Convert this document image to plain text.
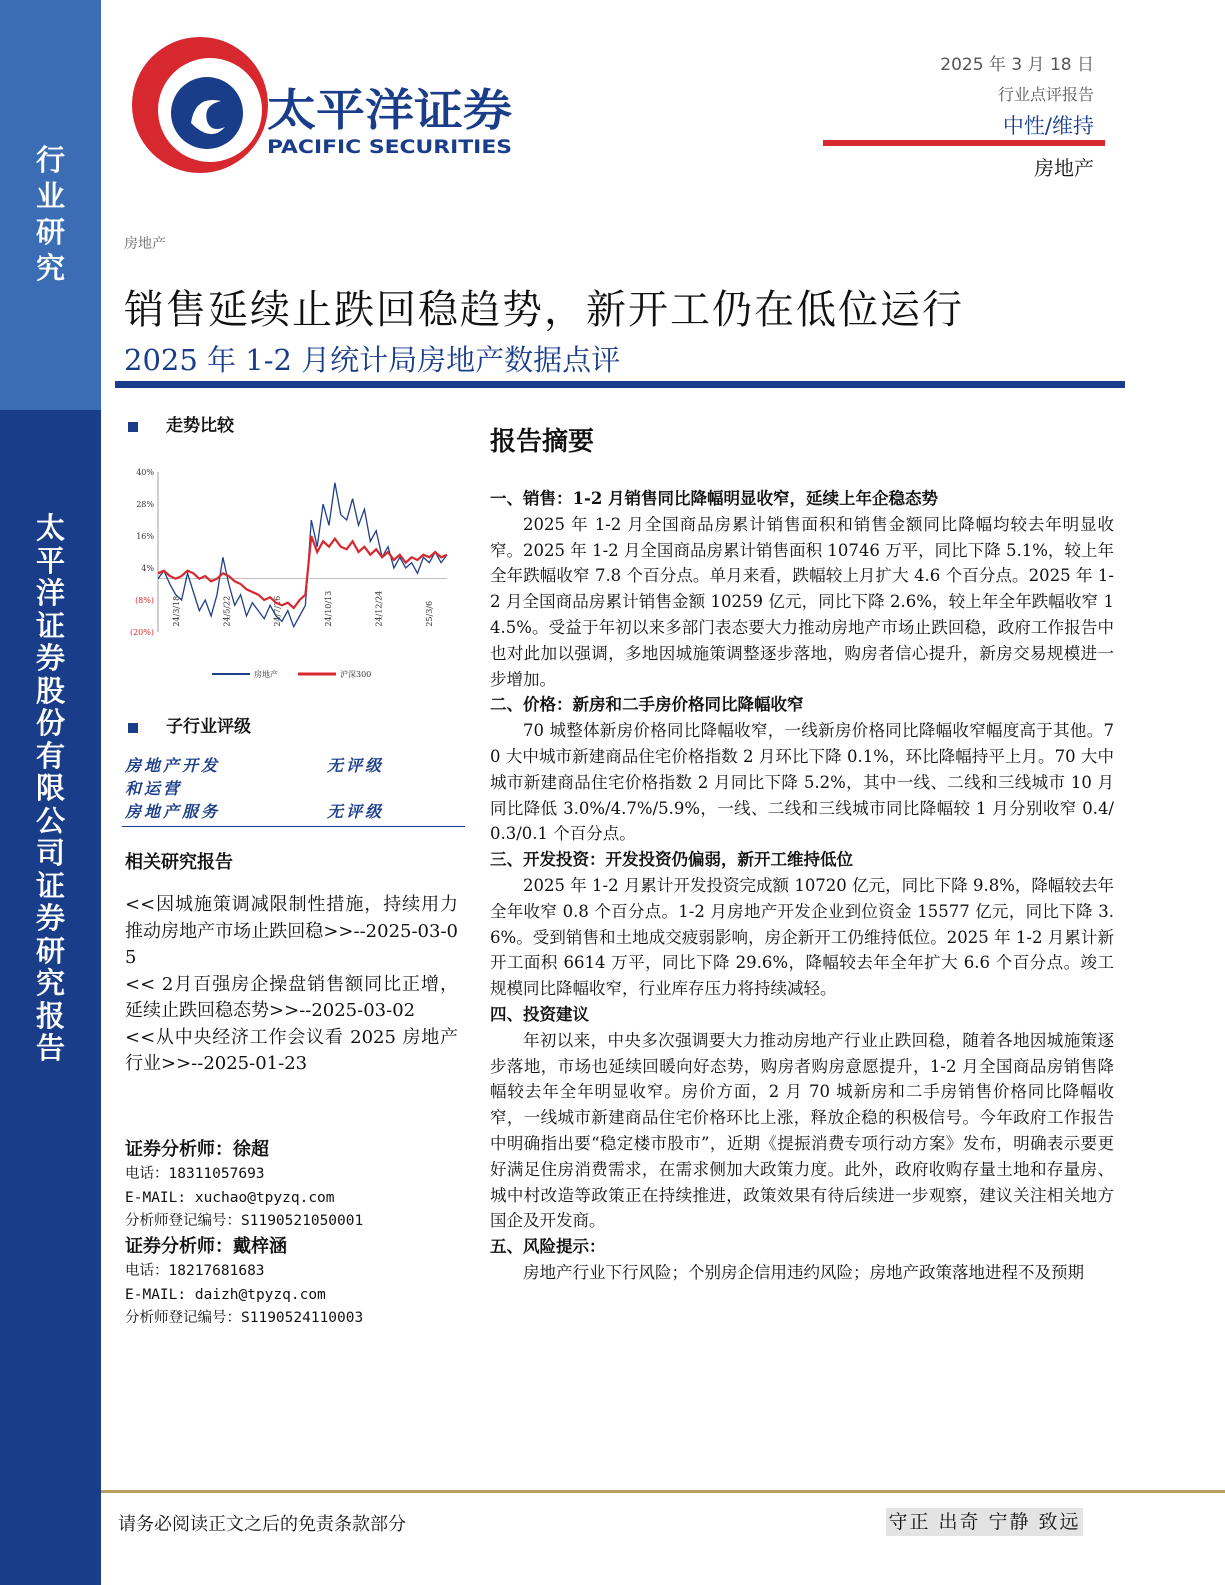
行
业
研
究
太
平
洋
证
券
股
份
有
限
公
司
证
券
研
究
报
告
太平洋证券
PACIFIC SECURITIES
2025 年 3 月 18 日
行业点评报告
中性/维持
房地产
房地产
销售延续止跌回稳趋势，新开工仍在低位运行
2025 年 1-2 月统计局房地产数据点评
走势比较
40%
28%
16%
4%
(8%)
(20%)
24/3/18	24/5/22	24/7/26	24/10/13	24/12/24	25/3/6
房地产	沪深300
子行业评级
房地产开发	无评级
和运营
房地产服务	无评级
相关研究报告

<<因城施策调减限制性措施，持续用力推动房地产市场止跌回稳>>--2025-03-05

<< 2月百强房企操盘销售额同比正增，延续止跌回稳态势>>--2025-03-02

<<从中央经济工作会议看 2025 房地产行业>>--2025-01-23

证券分析师：徐超
电话：18311057693
E-MAIL: xuchao@tpyzq.com
分析师登记编号：S1190521050001
证券分析师：戴梓涵
电话：18217681683
E-MAIL: daizh@tpyzq.com
分析师登记编号：S1190524110003
报告摘要
一、销售：1-2 月销售同比降幅明显收窄，延续上年企稳态势

2025 年 1-2 月全国商品房累计销售面积和销售金额同比降幅均较去年明显收窄。2025 年 1-2 月全国商品房累计销售面积 10746 万平，同比下降 5.1%，较上年全年跌幅收窄 7.8 个百分点。单月来看，跌幅较上月扩大 4.6 个百分点。2025 年 1-2 月全国商品房累计销售金额 10259 亿元，同比下降 2.6%，较上年全年跌幅收窄 14.5%。受益于年初以来多部门表态要大力推动房地产市场止跌回稳，政府工作报告中也对此加以强调，多地因城施策调整逐步落地，购房者信心提升，新房交易规模进一步增加。

二、价格：新房和二手房价格同比降幅收窄

70 城整体新房价格同比降幅收窄，一线新房价格同比降幅收窄幅度高于其他。70 大中城市新建商品住宅价格指数 2 月环比下降 0.1%，环比降幅持平上月。70 大中城市新建商品住宅价格指数 2 月同比下降 5.2%，其中一线、二线和三线城市 10 月同比降低 3.0%/4.7%/5.9%，一线、二线和三线城市同比降幅较 1 月分别收窄 0.4/0.3/0.1 个百分点。

三、开发投资：开发投资仍偏弱，新开工维持低位

2025 年 1-2 月累计开发投资完成额 10720 亿元，同比下降 9.8%，降幅较去年全年收窄 0.8 个百分点。1-2 月房地产开发企业到位资金 15577 亿元，同比下降 3.6%。受到销售和土地成交疲弱影响，房企新开工仍维持低位。2025 年 1-2 月累计新开工面积 6614 万平，同比下降 29.6%，降幅较去年全年扩大 6.6 个百分点。竣工规模同比降幅收窄，行业库存压力将持续减轻。

四、投资建议

年初以来，中央多次强调要大力推动房地产行业止跌回稳，随着各地因城施策逐步落地，市场也延续回暖向好态势，购房者购房意愿提升，1-2 月全国商品房销售降幅较去年全年明显收窄。房价方面，2 月 70 城新房和二手房销售价格同比降幅收窄，一线城市新建商品住宅价格环比上涨，释放企稳的积极信号。今年政府工作报告中明确指出要“稳定楼市股市”，近期《提振消费专项行动方案》发布，明确表示要更好满足住房消费需求，在需求侧加大政策力度。此外，政府收购存量土地和存量房、城中村改造等政策正在持续推进，政策效果有待后续进一步观察，建议关注相关地方国企及开发商。

五、风险提示：

房地产行业下行风险；个别房企信用违约风险；房地产政策落地进程不及预期

请务必阅读正文之后的免责条款部分	守正 出奇 宁静 致远
